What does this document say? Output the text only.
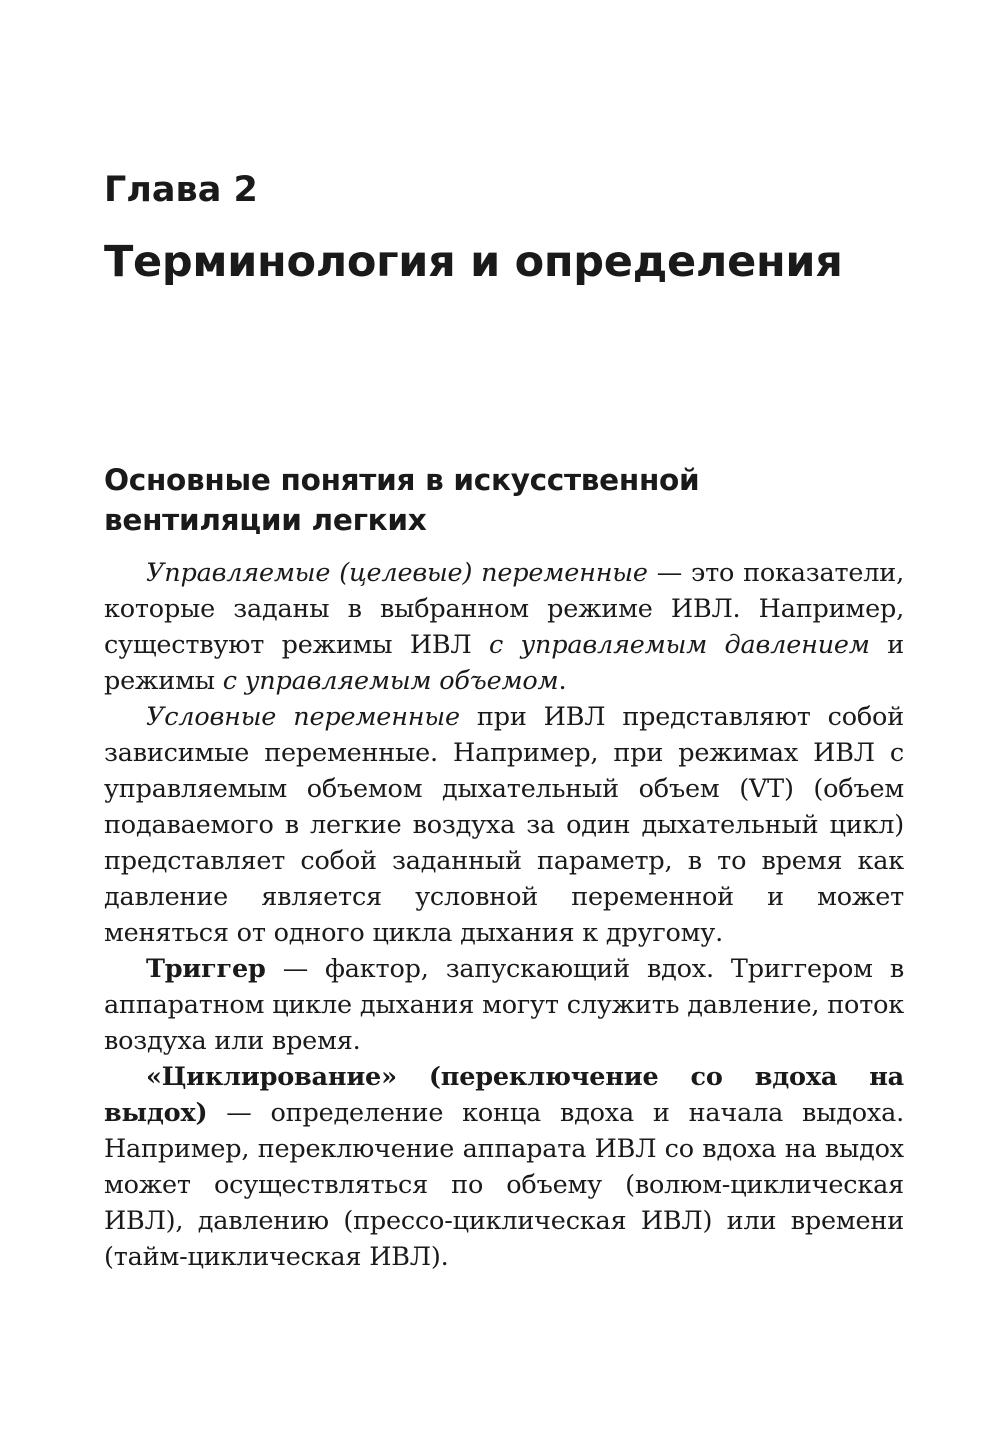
Глава 2
Терминология и определения
Основные понятия в искусственной вентиляции легких

Управляемые (целевые) переменные — это показатели, которые заданы в выбранном режиме ИВЛ. Например, существуют режимы ИВЛ с управляемым давлением и режимы с управляемым объемом.

Условные переменные при ИВЛ представляют собой зависимые переменные. Например, при режимах ИВЛ с управляемым объемом дыхательный объем (VT) (объем подаваемого в легкие воздуха за один дыхательный цикл) представляет собой заданный параметр, в то время как давление является условной переменной и может меняться от одного цикла дыхания к другому.

Триггер — фактор, запускающий вдох. Триггером в аппаратном цикле дыхания могут служить давление, поток воздуха или время.

«Циклирование» (переключение со вдоха на выдох) — определение конца вдоха и начала выдоха. Например, переключение аппарата ИВЛ со вдоха на выдох может осуществляться по объему (волюм-циклическая ИВЛ), давлению (прессо-циклическая ИВЛ) или времени (тайм-циклическая ИВЛ).
